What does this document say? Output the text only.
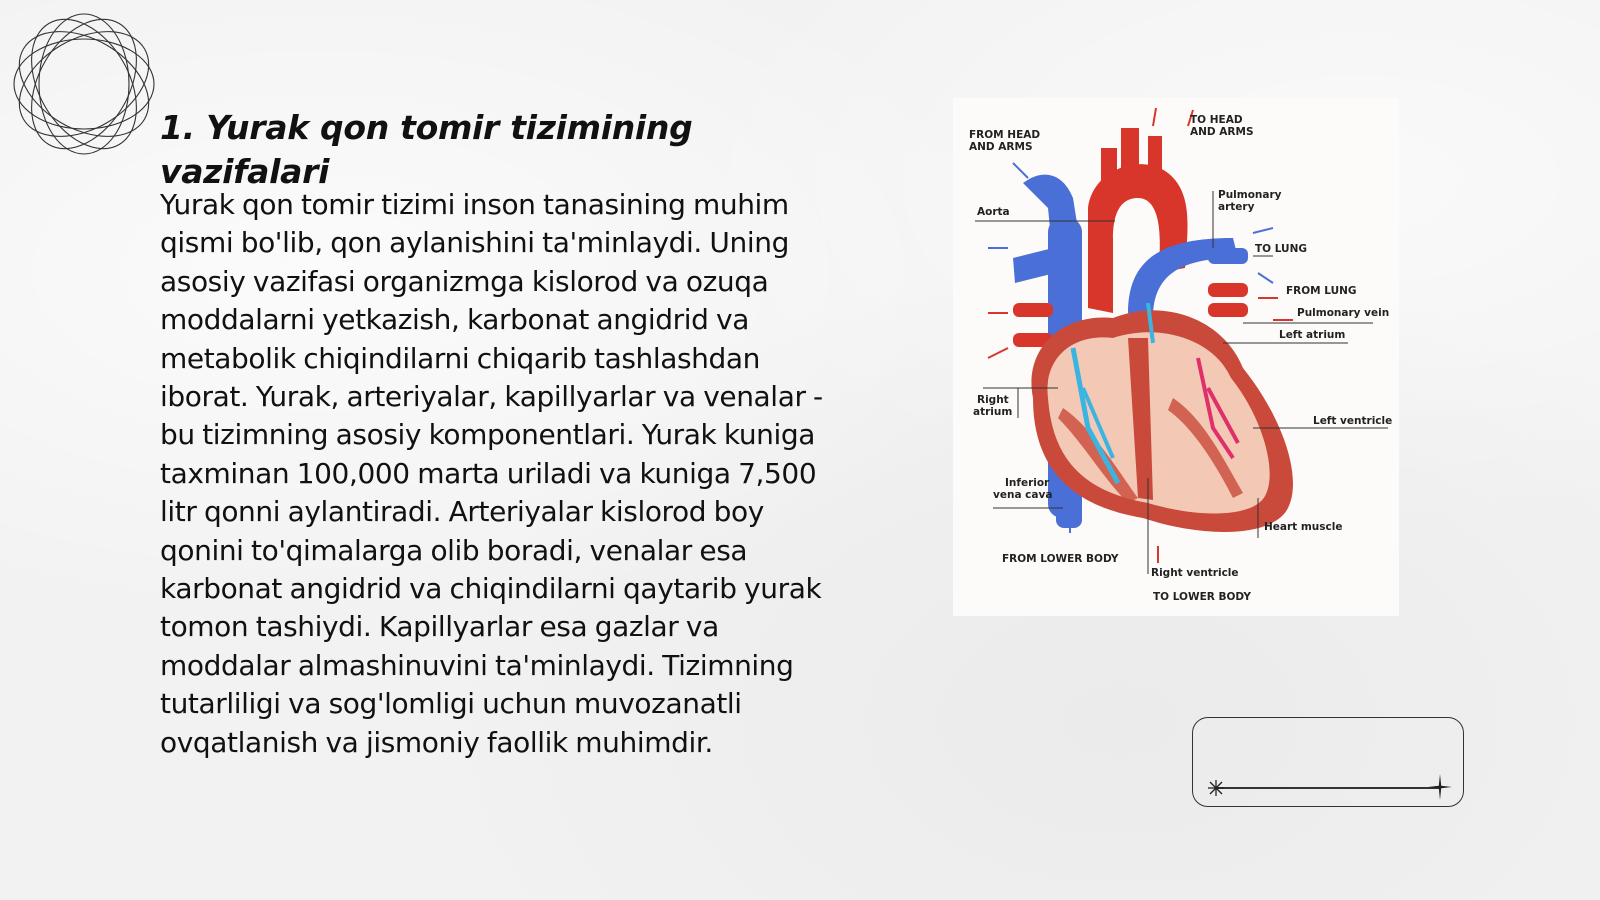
1. Yurak qon tomir tizimining vazifalari

Yurak qon tomir tizimi inson tanasining muhim qismi bo'lib, qon aylanishini ta'minlaydi. Uning asosiy vazifasi organizmga kislorod va ozuqa moddalarni yetkazish, karbonat angidrid va metabolik chiqindilarni chiqarib tashlashdan iborat. Yurak, arteriyalar, kapillyarlar va venalar - bu tizimning asosiy komponentlari. Yurak kuniga taxminan 100,000 marta uriladi va kuniga 7,500 litr qonni aylantiradi. Arteriyalar kislorod boy qonini to'qimalarga olib boradi, venalar esa karbonat angidrid va chiqindilarni qaytarib yurak tomon tashiydi. Kapillyarlar esa gazlar va moddalar almashinuvini ta'minlaydi. Tizimning tutarliligi va sog'lomligi uchun muvozanatli ovqatlanish va jismoniy faollik muhimdir.

FROM HEAD
AND ARMS
TO HEAD
AND ARMS
Aorta
Pulmonary
artery
TO LUNG
FROM LUNG
Pulmonary vein
Left atrium
Right
atrium
Left ventricle
Inferior
vena cava
Heart muscle
FROM LOWER BODY
Right ventricle
TO LOWER BODY
